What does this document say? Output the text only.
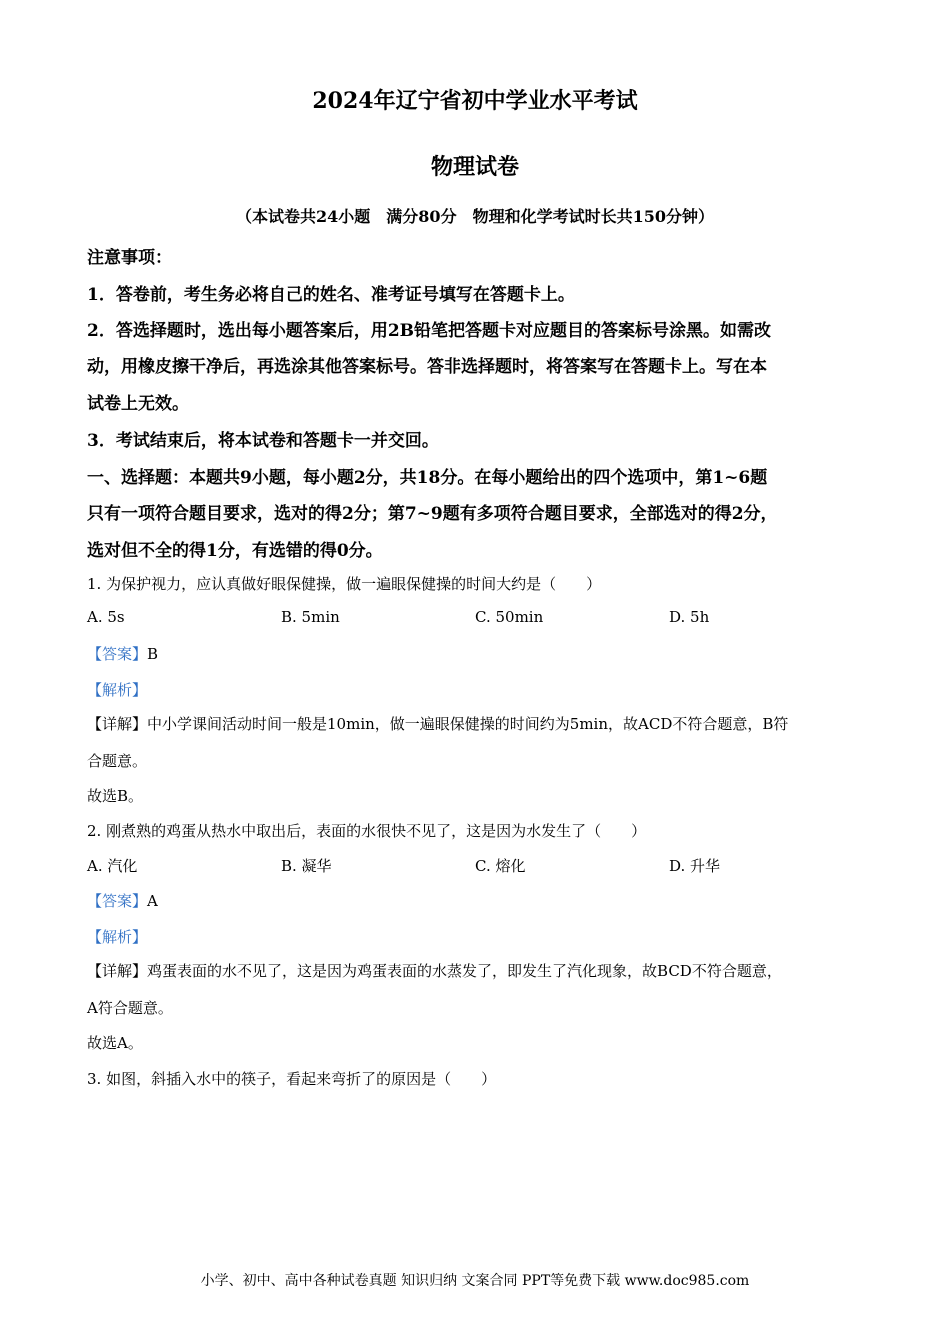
2024年辽宁省初中学业水平考试
物理试卷
（本试卷共24小题　满分80分　物理和化学考试时长共150分钟）
注意事项：
1．答卷前，考生务必将自己的姓名、准考证号填写在答题卡上。
2．答选择题时，选出每小题答案后，用2B铅笔把答题卡对应题目的答案标号涂黑。如需改
动，用橡皮擦干净后，再选涂其他答案标号。答非选择题时，将答案写在答题卡上。写在本
试卷上无效。
3．考试结束后，将本试卷和答题卡一并交回。
一、选择题：本题共9小题，每小题2分，共18分。在每小题给出的四个选项中，第1~6题
只有一项符合题目要求，选对的得2分；第7~9题有多项符合题目要求，全部选对的得2分，
选对但不全的得1分，有选错的得0分。
1. 为保护视力，应认真做好眼保健操，做一遍眼保健操的时间大约是（　　）
A. 5s	B. 5min	C. 50min	D. 5h
【答案】B
【解析】
【详解】中小学课间活动时间一般是10min，做一遍眼保健操的时间约为5min，故ACD不符合题意，B符
合题意。
故选B。
2. 刚煮熟的鸡蛋从热水中取出后，表面的水很快不见了，这是因为水发生了（　　）
A. 汽化	B. 凝华	C. 熔化	D. 升华
【答案】A
【解析】
【详解】鸡蛋表面的水不见了，这是因为鸡蛋表面的水蒸发了，即发生了汽化现象，故BCD不符合题意，
A符合题意。
故选A。
3. 如图，斜插入水中的筷子，看起来弯折了的原因是（　　）
小学、初中、高中各种试卷真题 知识归纳 文案合同 PPT等免费下载 www.doc985.com
